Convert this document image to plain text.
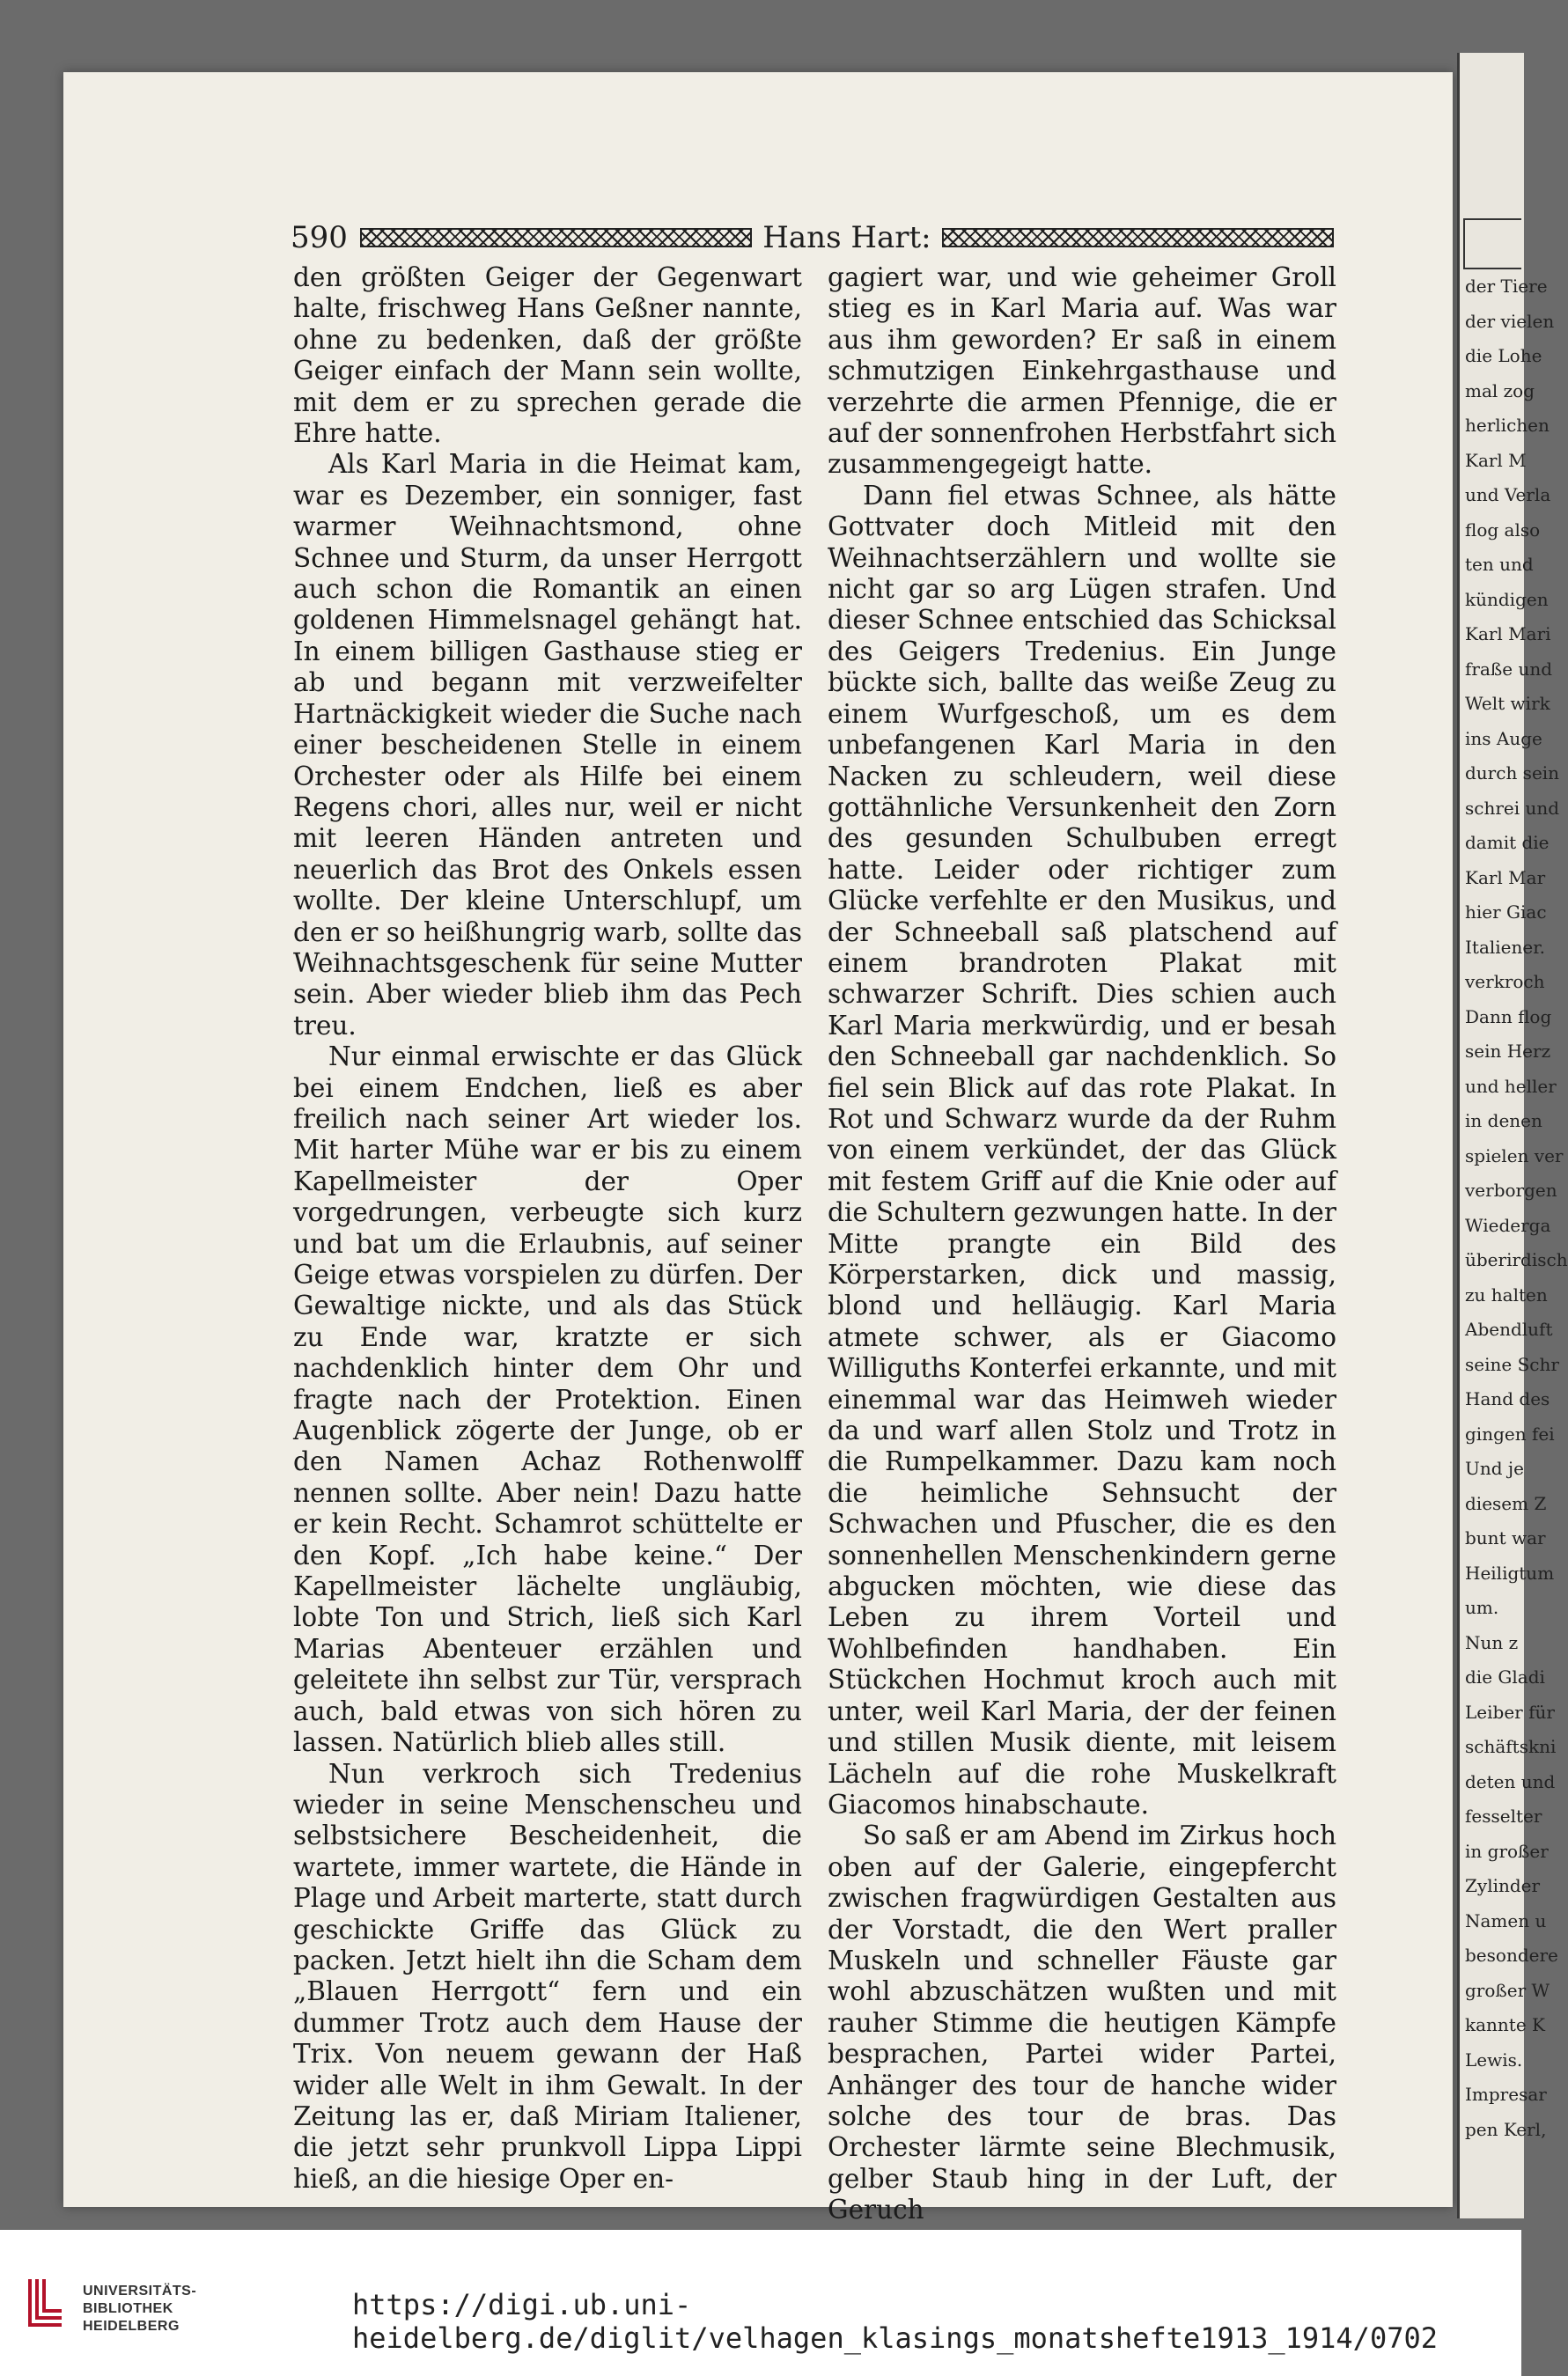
der Tiere
der vielen
die Lohe
mal zog
herlichen
Karl M
und Verla
flog also
ten und
kündigen
Karl Mari
fraße und
Welt wirk
ins Auge
durch sein
schrei und
damit die
Karl Mar
hier Giac
Italiener.
verkroch
Dann flog
sein Herz
und heller
in denen
spielen ver
verborgen
Wiederga
überirdisch
zu halten
Abendluft
seine Schr
Hand des
gingen fei
Und je
diesem Z
bunt war
Heiligtum
um.
Nun z
die Gladi
Leiber für
schäftskni
deten und
fesselter
in großer
Zylinder
Namen u
besondere
großer W
kannte K
Lewis.
Impresar
pen Kerl,
590	Hans Hart:

den größten Geiger der Gegenwart halte, frischweg Hans Geßner nannte, ohne zu bedenken, daß der größte Geiger einfach der Mann sein wollte, mit dem er zu sprechen gerade die Ehre hatte.

Als Karl Maria in die Heimat kam, war es Dezember, ein sonniger, fast warmer Weihnachtsmond, ohne Schnee und Sturm, da unser Herrgott auch schon die Romantik an einen goldenen Himmelsnagel gehängt hat. In einem billigen Gasthause stieg er ab und begann mit verzweifelter Hartnäckigkeit wieder die Suche nach einer bescheidenen Stelle in einem Orchester oder als Hilfe bei einem Regens chori, alles nur, weil er nicht mit leeren Händen antreten und neuerlich das Brot des Onkels essen wollte. Der kleine Unterschlupf, um den er so heißhungrig warb, sollte das Weihnachtsgeschenk für seine Mutter sein. Aber wieder blieb ihm das Pech treu.

Nur einmal erwischte er das Glück bei einem Endchen, ließ es aber freilich nach seiner Art wieder los. Mit harter Mühe war er bis zu einem Kapellmeister der Oper vorgedrungen, verbeugte sich kurz und bat um die Erlaubnis, auf seiner Geige etwas vorspielen zu dürfen. Der Gewaltige nickte, und als das Stück zu Ende war, kratzte er sich nachdenklich hinter dem Ohr und fragte nach der Protektion. Einen Augenblick zögerte der Junge, ob er den Namen Achaz Rothenwolff nennen sollte. Aber nein! Dazu hatte er kein Recht. Schamrot schüttelte er den Kopf. „Ich habe keine.“ Der Kapellmeister lächelte ungläubig, lobte Ton und Strich, ließ sich Karl Marias Abenteuer erzählen und geleitete ihn selbst zur Tür, versprach auch, bald etwas von sich hören zu lassen. Natürlich blieb alles still.

Nun verkroch sich Tredenius wieder in seine Menschenscheu und selbstsichere Bescheidenheit, die wartete, immer wartete, die Hände in Plage und Arbeit marterte, statt durch geschickte Griffe das Glück zu packen. Jetzt hielt ihn die Scham dem „Blauen Herrgott“ fern und ein dummer Trotz auch dem Hause der Trix. Von neuem gewann der Haß wider alle Welt in ihm Gewalt. In der Zeitung las er, daß Miriam Italiener, die jetzt sehr prunkvoll Lippa Lippi hieß, an die hiesige Oper en-

gagiert war, und wie geheimer Groll stieg es in Karl Maria auf. Was war aus ihm geworden? Er saß in einem schmutzigen Einkehrgasthause und verzehrte die armen Pfennige, die er auf der sonnenfrohen Herbstfahrt sich zusammengegeigt hatte.

Dann fiel etwas Schnee, als hätte Gottvater doch Mitleid mit den Weihnachtserzählern und wollte sie nicht gar so arg Lügen strafen. Und dieser Schnee entschied das Schicksal des Geigers Tredenius. Ein Junge bückte sich, ballte das weiße Zeug zu einem Wurfgeschoß, um es dem unbefangenen Karl Maria in den Nacken zu schleudern, weil diese gottähnliche Versunkenheit den Zorn des gesunden Schulbuben erregt hatte. Leider oder richtiger zum Glücke verfehlte er den Musikus, und der Schneeball saß platschend auf einem brandroten Plakat mit schwarzer Schrift. Dies schien auch Karl Maria merkwürdig, und er besah den Schneeball gar nachdenklich. So fiel sein Blick auf das rote Plakat. In Rot und Schwarz wurde da der Ruhm von einem verkündet, der das Glück mit festem Griff auf die Knie oder auf die Schultern gezwungen hatte. In der Mitte prangte ein Bild des Körperstarken, dick und massig, blond und helläugig. Karl Maria atmete schwer, als er Giacomo Williguths Konterfei erkannte, und mit einemmal war das Heimweh wieder da und warf allen Stolz und Trotz in die Rumpelkammer. Dazu kam noch die heimliche Sehnsucht der Schwachen und Pfuscher, die es den sonnenhellen Menschenkindern gerne abgucken möchten, wie diese das Leben zu ihrem Vorteil und Wohlbefinden handhaben. Ein Stückchen Hochmut kroch auch mit unter, weil Karl Maria, der der feinen und stillen Musik diente, mit leisem Lächeln auf die rohe Muskelkraft Giacomos hinabschaute.

So saß er am Abend im Zirkus hoch oben auf der Galerie, eingepfercht zwischen fragwürdigen Gestalten aus der Vorstadt, die den Wert praller Muskeln und schneller Fäuste gar wohl abzuschätzen wußten und mit rauher Stimme die heutigen Kämpfe besprachen, Partei wider Partei, Anhänger des tour de hanche wider solche des tour de bras. Das Orchester lärmte seine Blechmusik, gelber Staub hing in der Luft, der Geruch

UNIVERSITÄTS-
BIBLIOTHEK
HEIDELBERG
https://digi.ub.uni-heidelberg.de/diglit/velhagen_klasings_monatshefte1913_1914/0702
